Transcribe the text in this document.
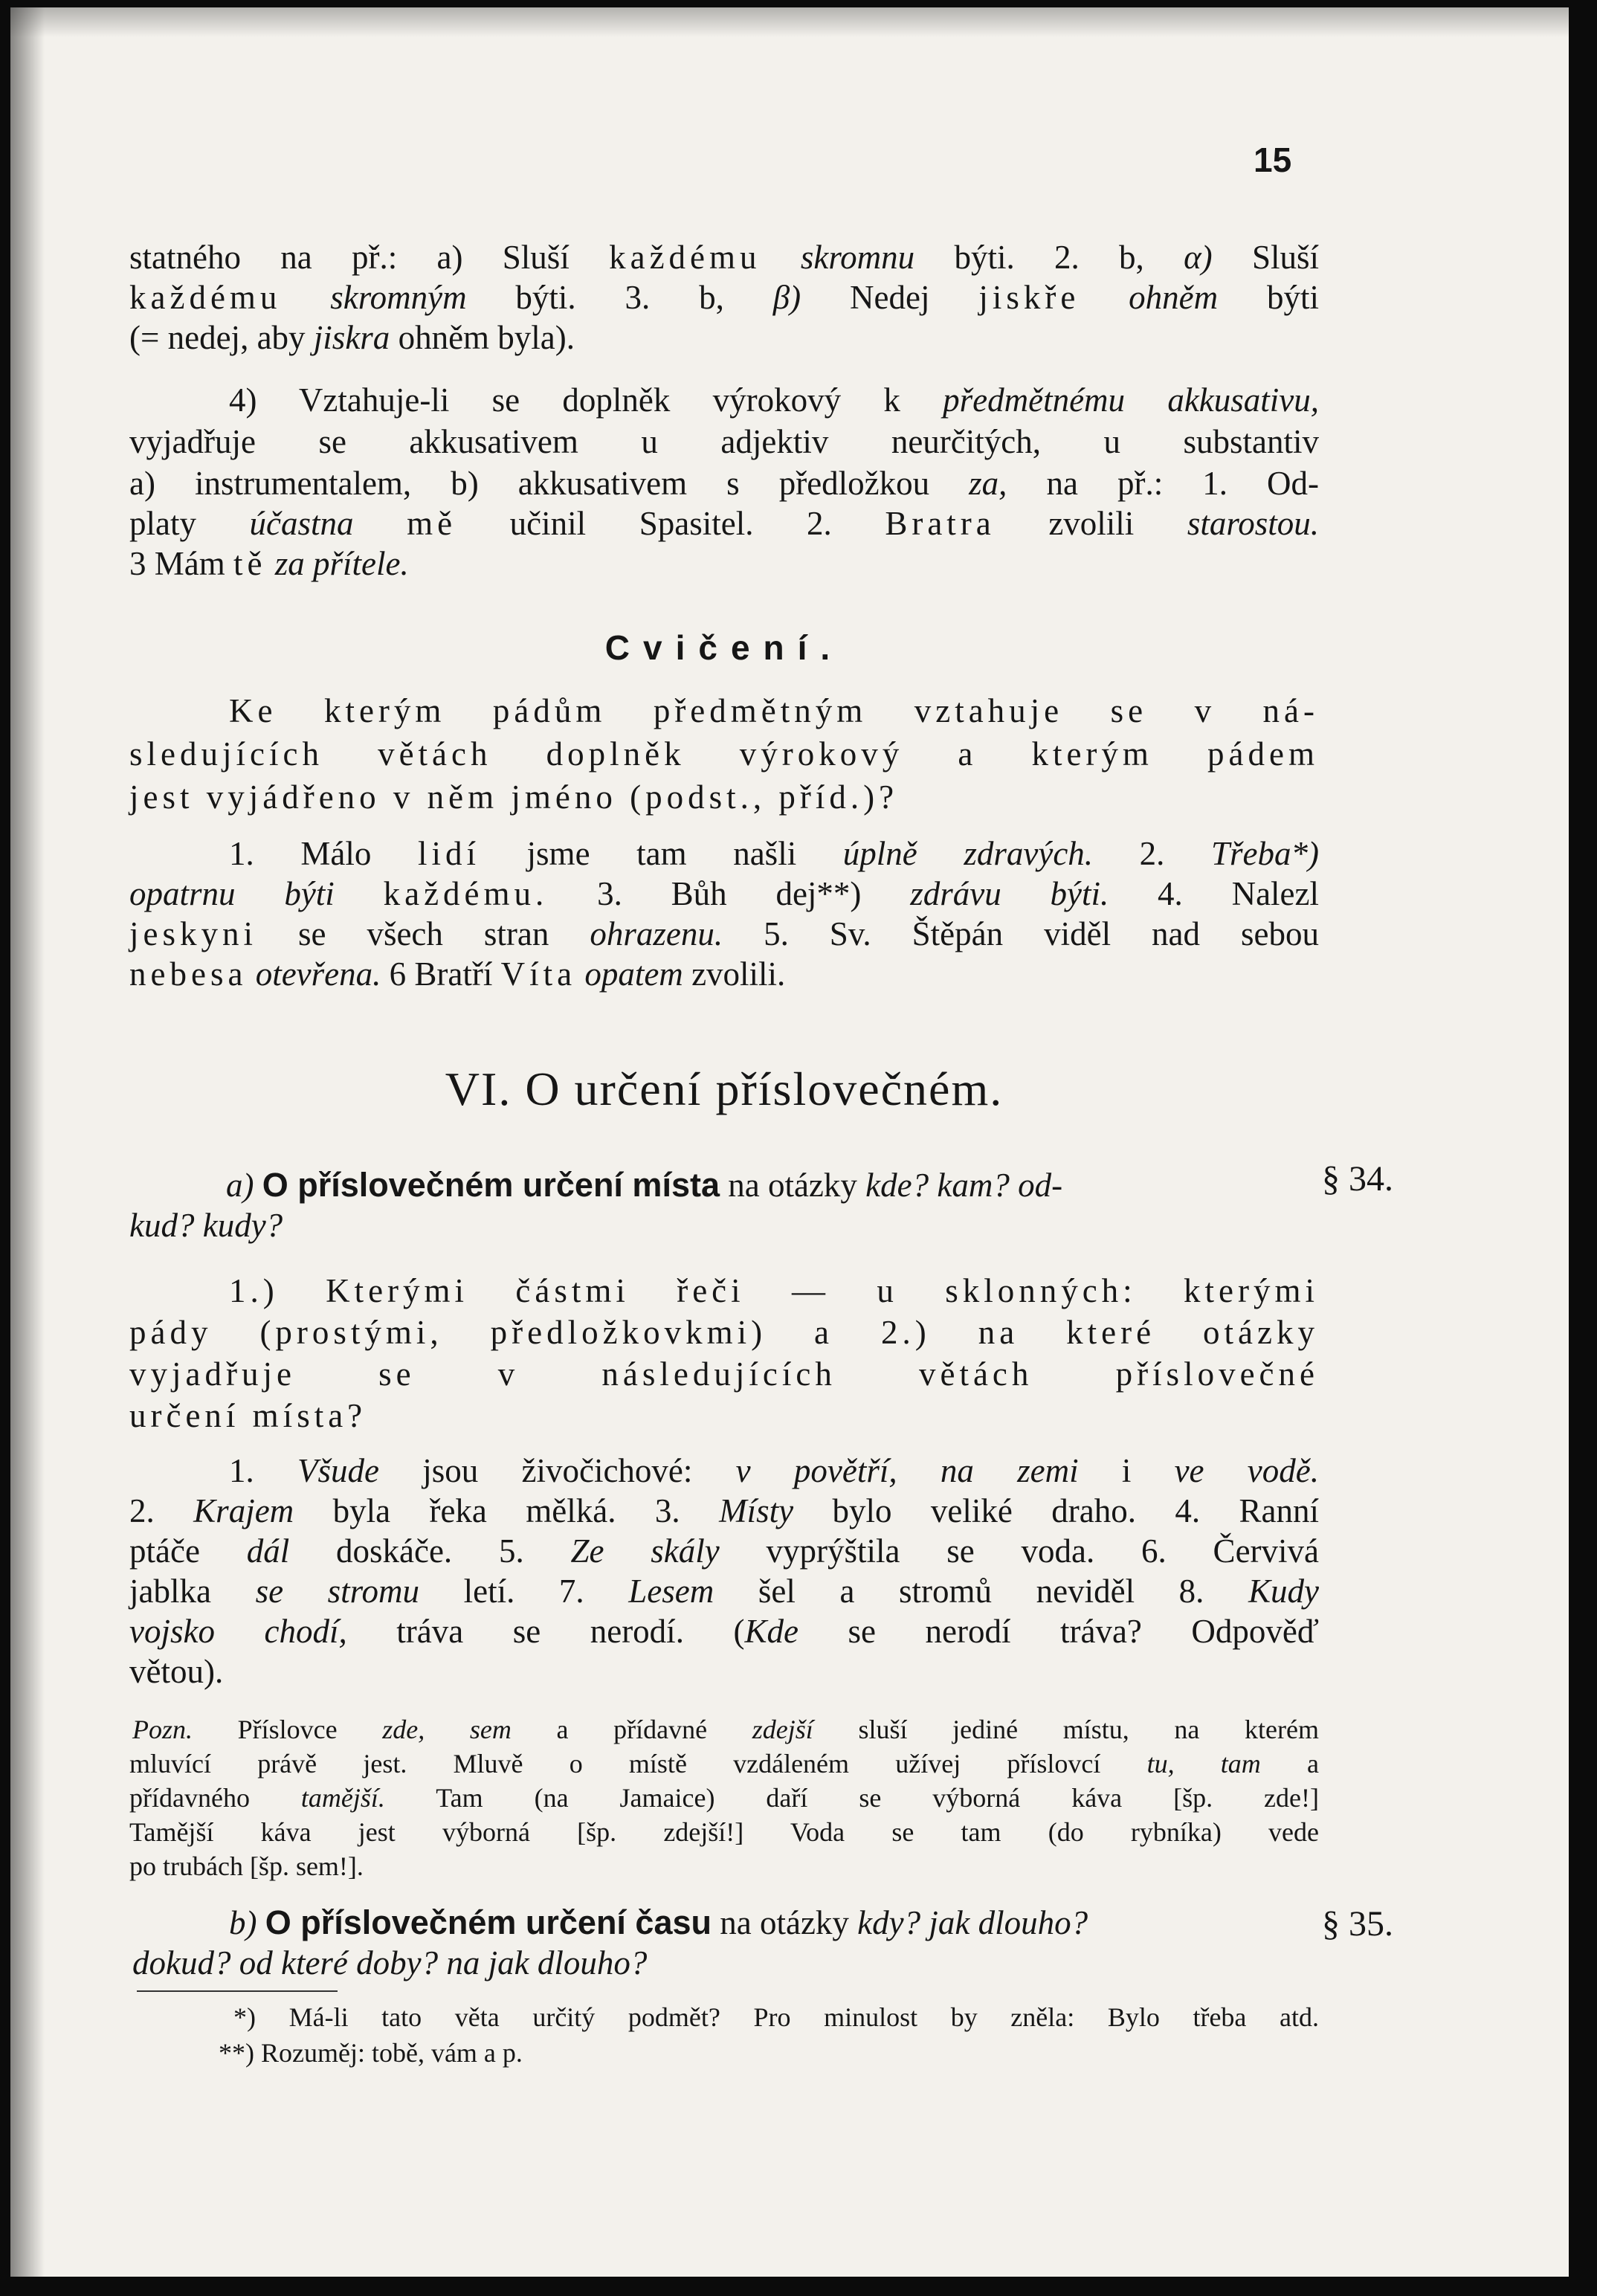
15
statného na př.: a) Sluší každému skromnu býti. 2. b, α) Sluší
každému skromným býti. 3. b, β) Nedej jiskře ohněm býti
(= nedej, aby jiskra ohněm byla).
4) Vztahuje-li se doplněk výrokový k předmětnému akkusativu,
vyjadřuje se akkusativem u adjektiv neurčitých, u substantiv
a) instrumentalem, b) akkusativem s předložkou za, na př.: 1. Od-
platy účastna mě učinil Spasitel. 2. Bratra zvolili starostou.
3 Mám tě za přítele.
Cvičení.
Ke kterým pádům předmětným vztahuje se v ná-
sledujících větách doplněk výrokový a kterým pádem
jest vyjádřeno v něm jméno (podst., příd.)?
1. Málo lidí jsme tam našli úplně zdravých. 2. Třeba*)
opatrnu býti každému. 3. Bůh dej**) zdrávu býti. 4. Nalezl
jeskyni se všech stran ohrazenu. 5. Sv. Štěpán viděl nad sebou
nebesa otevřena. 6 Bratří Víta opatem zvolili.
VI. O určení příslovečném.
a) O příslovečném určení místa na otázky kde? kam? od-
kud? kudy?
§ 34.
1.) Kterými částmi řeči — u sklonných: kterými
pády (prostými, předložkovkmi) a 2.) na které otázky
vyjadřuje se v následujících větách příslovečné
určení místa?
1. Všude jsou živočichové: v povětří, na zemi i ve vodě.
2. Krajem byla řeka mělká. 3. Místy bylo veliké draho. 4. Ranní
ptáče dál doskáče. 5. Ze skály vyprýštila se voda. 6. Červivá
jablka se stromu letí. 7. Lesem šel a stromů neviděl 8. Kudy
vojsko chodí, tráva se nerodí. (Kde se nerodí tráva? Odpověď
větou).
Pozn. Příslovce zde, sem a přídavné zdejší sluší jediné místu, na kterém
mluvící právě jest. Mluvě o místě vzdáleném užívej příslovcí tu, tam a
přídavného tamější. Tam (na Jamaice) daří se výborná káva [šp. zde!]
Tamější káva jest výborná [šp. zdejší!] Voda se tam (do rybníka) vede
po trubách [šp. sem!].
b) O příslovečném určení času na otázky kdy? jak dlouho?
dokud? od které doby? na jak dlouho?
§ 35.
*) Má-li tato věta určitý podmět? Pro minulost by zněla: Bylo třeba atd.
**) Rozuměj: tobě, vám a p.
